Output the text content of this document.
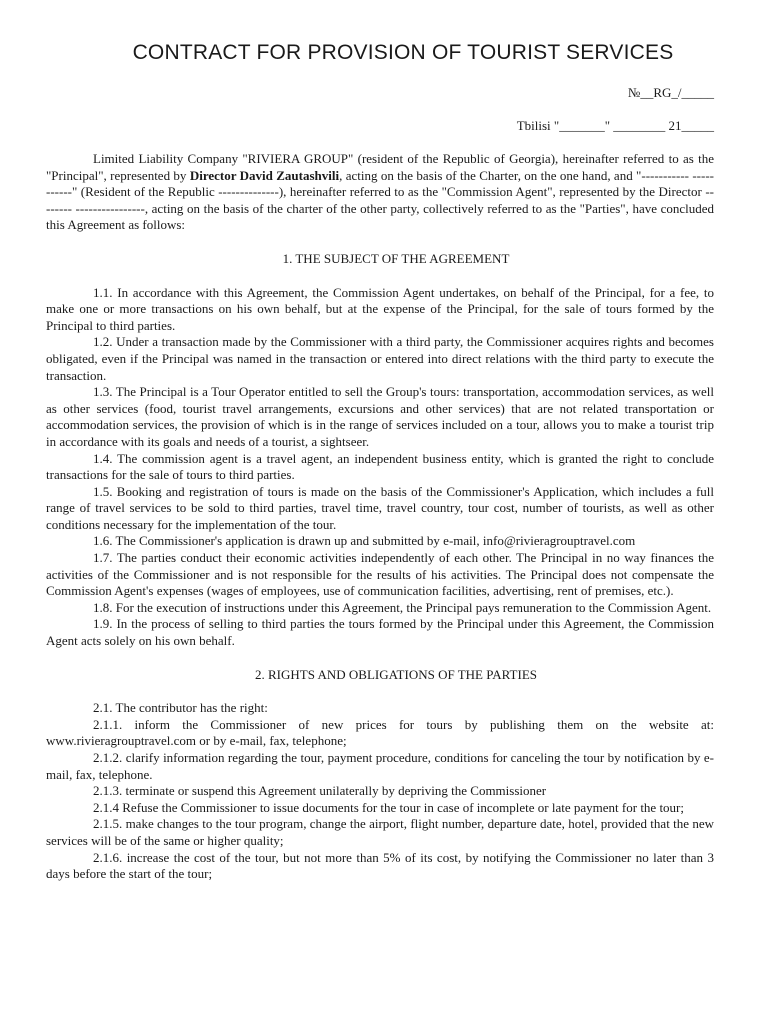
CONTRACT FOR PROVISION OF TOURIST SERVICES
№__RG_/_____
Tbilisi "_______" ________ 21_____

Limited Liability Company "RIVIERA GROUP" (resident of the Republic of Georgia), hereinafter referred to as the "Principal", represented by Director David Zautashvili, acting on the basis of the Charter, on the one hand, and "----------- -----------" (Resident of the Republic --------------), hereinafter referred to as the "Commission Agent", represented by the Director -------- ----------------, acting on the basis of the charter of the other party, collectively referred to as the "Parties", have concluded this Agreement as follows:

1. THE SUBJECT OF THE AGREEMENT

1.1. In accordance with this Agreement, the Commission Agent undertakes, on behalf of the Principal, for a fee, to make one or more transactions on his own behalf, but at the expense of the Principal, for the sale of tours formed by the Principal to third parties.

1.2. Under a transaction made by the Commissioner with a third party, the Commissioner acquires rights and becomes obligated, even if the Principal was named in the transaction or entered into direct relations with the third party to execute the transaction.

1.3. The Principal is a Tour Operator entitled to sell the Group's tours: transportation, accommodation services, as well as other services (food, tourist travel arrangements, excursions and other services) that are not related transportation or accommodation services, the provision of which is in the range of services included on a tour, allows you to make a tourist trip in accordance with its goals and needs of a tourist, a sightseer.

1.4. The commission agent is a travel agent, an independent business entity, which is granted the right to conclude transactions for the sale of tours to third parties.

1.5. Booking and registration of tours is made on the basis of the Commissioner's Application, which includes a full range of travel services to be sold to third parties, travel time, travel country, tour cost, number of tourists, as well as other conditions necessary for the implementation of the tour.

1.6. The Commissioner's application is drawn up and submitted by e-mail, info@rivieragrouptravel.com

1.7. The parties conduct their economic activities independently of each other. The Principal in no way finances the activities of the Commissioner and is not responsible for the results of his activities. The Principal does not compensate the Commission Agent's expenses (wages of employees, use of communication facilities, advertising, rent of premises, etc.).

1.8. For the execution of instructions under this Agreement, the Principal pays remuneration to the Commission Agent.

1.9. In the process of selling to third parties the tours formed by the Principal under this Agreement, the Commission Agent acts solely on his own behalf.

2. RIGHTS AND OBLIGATIONS OF THE PARTIES

2.1. The contributor has the right:

2.1.1. inform the Commissioner of new prices for tours by publishing them on the website at: www.rivieragrouptravel.com or by e-mail, fax, telephone;

2.1.2. clarify information regarding the tour, payment procedure, conditions for canceling the tour by notification by e-mail, fax, telephone.

2.1.3. terminate or suspend this Agreement unilaterally by depriving the Commissioner

2.1.4 Refuse the Commissioner to issue documents for the tour in case of incomplete or late payment for the tour;

2.1.5. make changes to the tour program, change the airport, flight number, departure date, hotel, provided that the new services will be of the same or higher quality;

2.1.6. increase the cost of the tour, but not more than 5% of its cost, by notifying the Commissioner no later than 3 days before the start of the tour;
